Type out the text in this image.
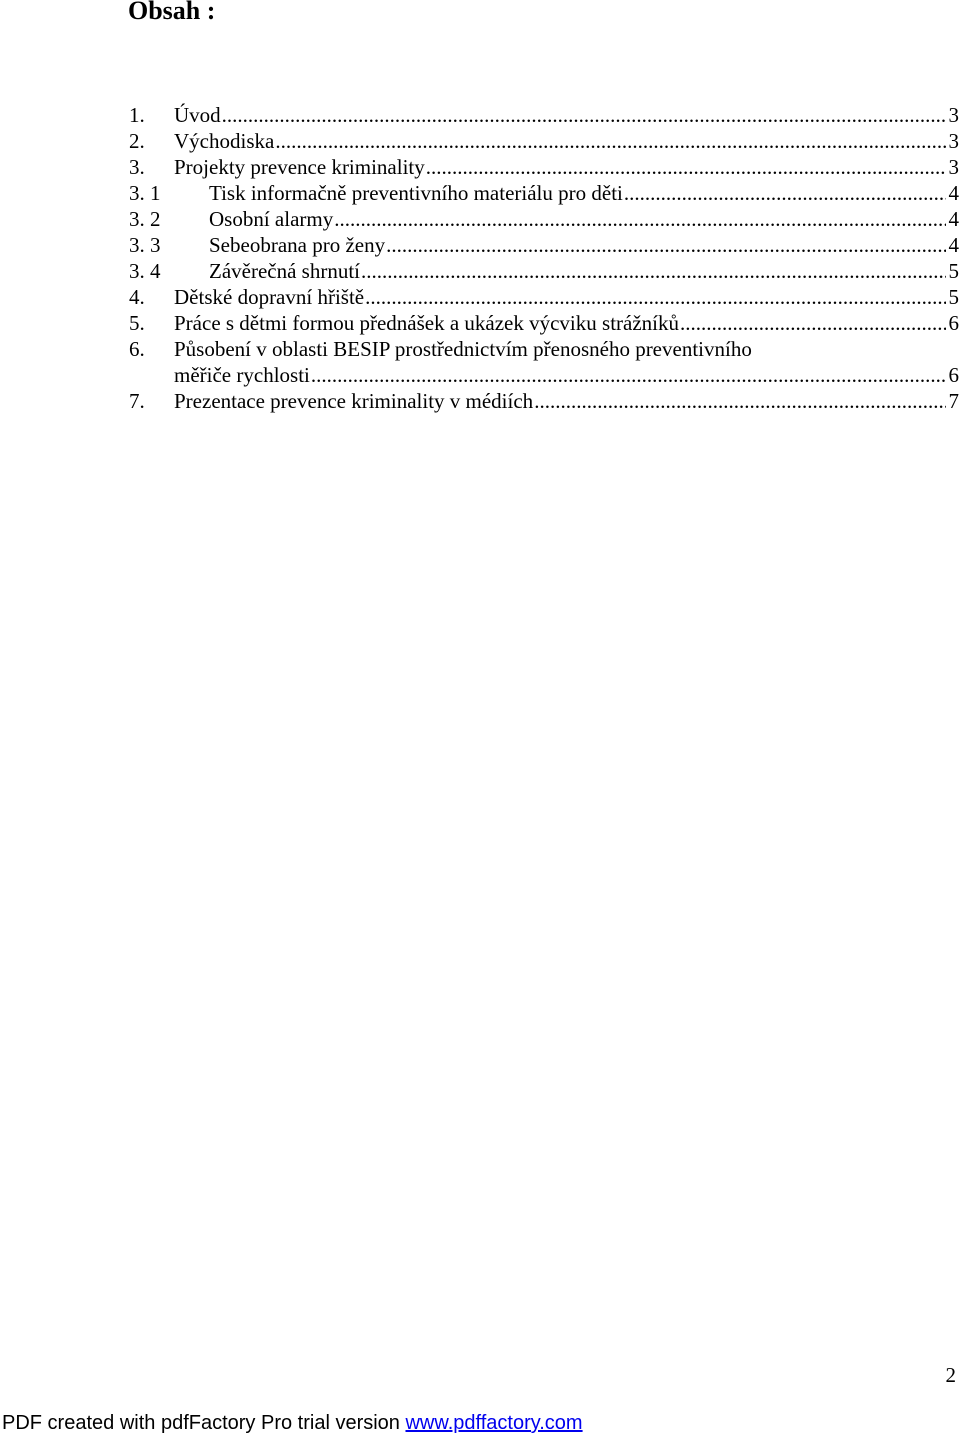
Obsah :
1.	Úvod .....	3
2.	Východiska .....	3
3.	Projekty prevence kriminality .....	3
3. 1	Tisk informačně preventivního materiálu pro děti .....	4
3. 2	Osobní alarmy .....	4
3. 3	Sebeobrana pro ženy .....	4
3. 4	Závěrečná shrnutí .....	5
4.	Dětské dopravní hřiště .....	5
5.	Práce s dětmi formou přednášek a ukázek výcviku strážníků .....	6
6.	Působení v oblasti BESIP prostřednictvím přenosného preventivního
měřiče rychlosti .....	6
7.	Prezentace prevence kriminality v médiích .....	7
2
PDF created with pdfFactory Pro trial version www.pdffactory.com
